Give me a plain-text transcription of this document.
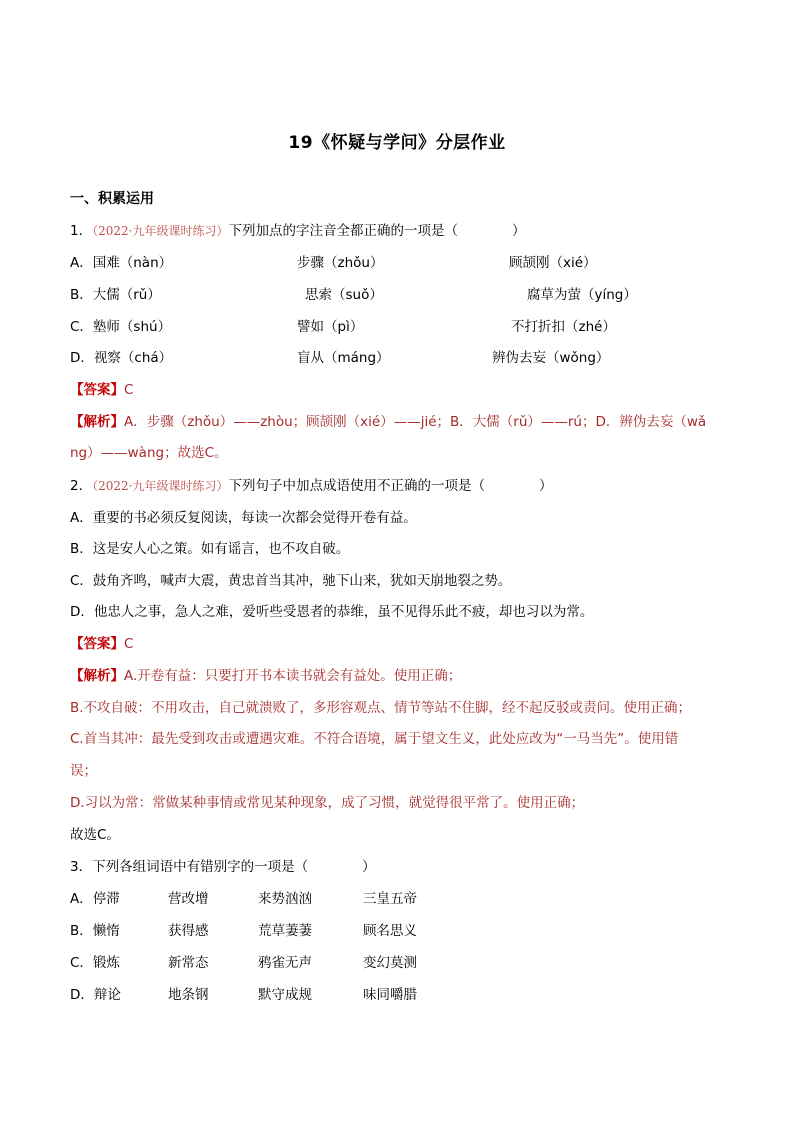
19《怀疑与学问》分层作业
一、积累运用
1．（2022·九年级课时练习）下列加点的字注音全都正确的一项是（　　　　）
A．国难（nàn）	步骤（zhǒu）	顾颉刚（xié）
B．大儒（rǔ）	思索（suǒ）	腐草为萤（yíng）
C．塾师（shú）	譬如（pì）	不打折扣（zhé）
D．视察（chá）	盲从（máng）	辨伪去妄（wǒng）
【答案】C
【解析】A．步骤（zhǒu）——zhòu；顾颉刚（xié）——jié；B．大儒（rǔ）——rú；D．辨伪去妄（wǎ
ng）——wàng；故选C。
2．（2022·九年级课时练习）下列句子中加点成语使用不正确的一项是（　　　　）
A．重要的书必须反复阅读，每读一次都会觉得开卷有益。
B．这是安人心之策。如有谣言，也不攻自破。
C．鼓角齐鸣，喊声大震，黄忠首当其冲，驰下山来，犹如天崩地裂之势。
D．他忠人之事，急人之难，爱听些受恩者的恭维，虽不见得乐此不疲，却也习以为常。
【答案】C
【解析】A.开卷有益：只要打开书本读书就会有益处。使用正确；
B.不攻自破：不用攻击，自己就溃败了，多形容观点、情节等站不住脚，经不起反驳或责问。使用正确；
C.首当其冲：最先受到攻击或遭遇灾难。不符合语境，属于望文生义，此处应改为“一马当先”。使用错
误；
D.习以为常：常做某种事情或常见某种现象，成了习惯，就觉得很平常了。使用正确；
故选C。
3．下列各组词语中有错别字的一项是（　　　　）
A．停滞	营改增	来势汹汹	三皇五帝
B．懒惰	获得感	荒草萋萋	顾名思义
C．锻炼	新常态	鸦雀无声	变幻莫测
D．辩论	地条钢	默守成规	味同嚼腊
